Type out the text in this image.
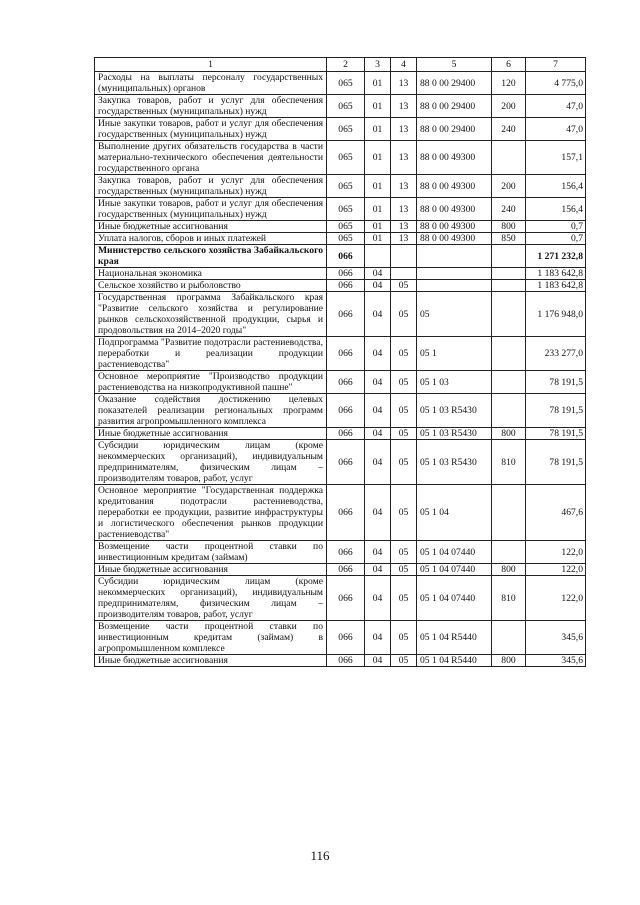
1	2	3	4	5	6	7
Расходы на выплаты персоналу государственных (муниципальных) органов	065	01	13	88 0 00 29400	120	4 775,0
Закупка товаров, работ и услуг для обеспечения государственных (муниципальных) нужд	065	01	13	88 0 00 29400	200	47,0
Иные закупки товаров, работ и услуг для обеспечения государственных (муниципальных) нужд	065	01	13	88 0 00 29400	240	47,0
Выполнение других обязательств государства в части материально-технического обеспечения деятельности государственного органа	065	01	13	88 0 00 49300		157,1
Закупка товаров, работ и услуг для обеспечения государственных (муниципальных) нужд	065	01	13	88 0 00 49300	200	156,4
Иные закупки товаров, работ и услуг для обеспечения государственных (муниципальных) нужд	065	01	13	88 0 00 49300	240	156,4
Иные бюджетные ассигнования	065	01	13	88 0 00 49300	800	0,7
Уплата налогов, сборов и иных платежей	065	01	13	88 0 00 49300	850	0,7
Министерство сельского хозяйства Забайкальского края	066					1 271 232,8
Национальная экономика	066	04				1 183 642,8
Сельское хозяйство и рыболовство	066	04	05			1 183 642,8
Государственная программа Забайкальского края "Развитие сельского хозяйства и регулирование рынков сельскохозяйственной продукции, сырья и продовольствия на 2014–2020 годы"	066	04	05	05		1 176 948,0
Подпрограмма "Развитие подотрасли растениеводства, переработки и реализации продукции растениеводства"	066	04	05	05 1		233 277,0
Основное мероприятие "Производство продукции растениеводства на низкопродуктивной пашне"	066	04	05	05 1 03		78 191,5
Оказание содействия достижению целевых показателей реализации региональных программ развития агропромышленного комплекса	066	04	05	05 1 03 R5430		78 191,5
Иные бюджетные ассигнования	066	04	05	05 1 03 R5430	800	78 191,5
Субсидии юридическим лицам (кроме некоммерческих организаций), индивидуальным предпринимателям, физическим лицам – производителям товаров, работ, услуг	066	04	05	05 1 03 R5430	810	78 191,5
Основное мероприятие "Государственная поддержка кредитования подотрасли растениеводства, переработки ее продукции, развитие инфраструктуры и логистического обеспечения рынков продукции растениеводства"	066	04	05	05 1 04		467,6
Возмещение части процентной ставки по инвестиционным кредитам (займам)	066	04	05	05 1 04 07440		122,0
Иные бюджетные ассигнования	066	04	05	05 1 04 07440	800	122,0
Субсидии юридическим лицам (кроме некоммерческих организаций), индивидуальным предпринимателям, физическим лицам – производителям товаров, работ, услуг	066	04	05	05 1 04 07440	810	122,0
Возмещение части процентной ставки по инвестиционным кредитам (займам) в агропромышленном комплексе	066	04	05	05 1 04 R5440		345,6
Иные бюджетные ассигнования	066	04	05	05 1 04 R5440	800	345,6
116
